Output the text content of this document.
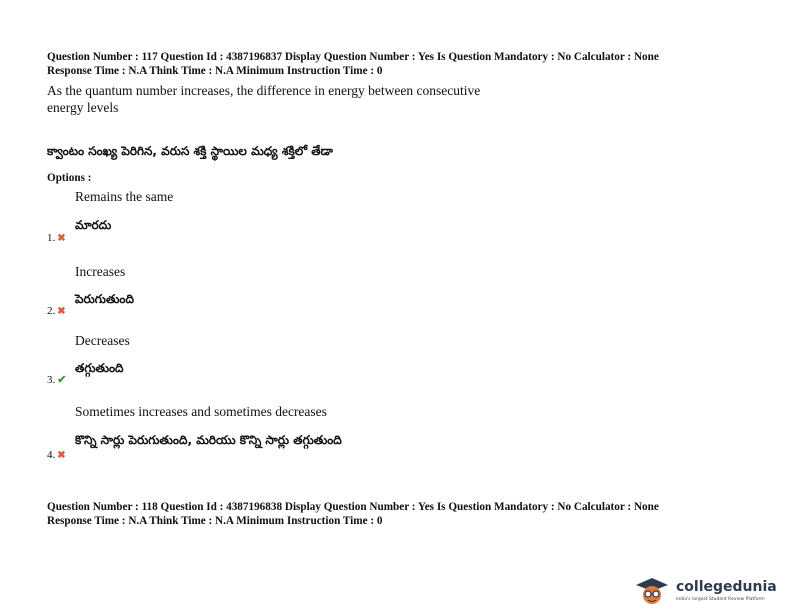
Question Number : 117 Question Id : 4387196837 Display Question Number : Yes Is Question Mandatory : No Calculator : None
Response Time : N.A Think Time : N.A Minimum Instruction Time : 0
As the quantum number increases, the difference in energy between consecutive
energy levels
క్వాంటం సంఖ్య పెరిగిన, వరుస శక్తి స్థాయిల మధ్య శక్తిలో తేడా
Options :
Remains the same
మారదు
1. ✖
Increases
పెరుగుతుంది
2. ✖
Decreases
తగ్గుతుంది
3. ✔
Sometimes increases and sometimes decreases
కొన్ని సార్లు పెరుగుతుంది, మరియు కొన్ని సార్లు తగ్గుతుంది
4. ✖
Question Number : 118 Question Id : 4387196838 Display Question Number : Yes Is Question Mandatory : No Calculator : None
Response Time : N.A Think Time : N.A Minimum Instruction Time : 0
collegedunia
India's largest Student Review Platform
